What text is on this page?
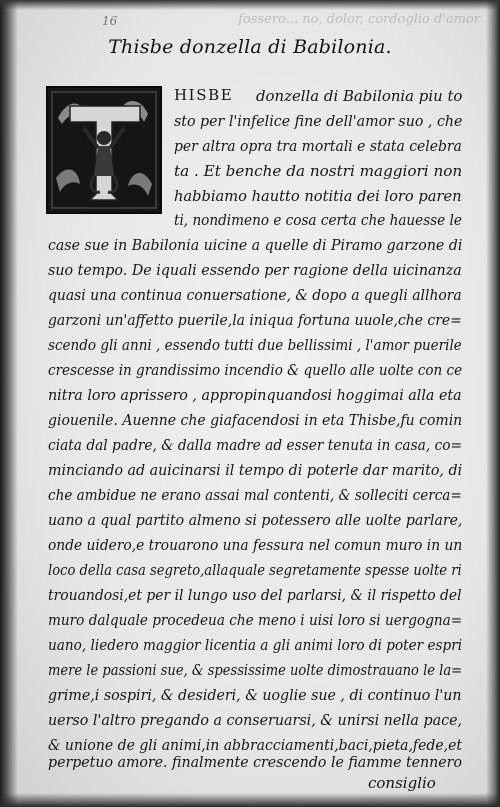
fossero... no, dolor, cordoglio d'amor
16
Thisbe donzella di Babilonia.
HISBE donzella di Babilonia piu to
sto per l'infelice fine dell'amor suo , che
per altra opra tra mortali e stata celebra
ta . Et benche da nostri maggiori non
habbiamo hautto notitia dei loro paren
ti, nondimeno e cosa certa che hauesse le
case sue in Babilonia uicine a quelle di Piramo garzone di
suo tempo. De iquali essendo per ragione della uicinanza
quasi una continua conuersatione, & dopo a quegli allhora
garzoni un'affetto puerile,la iniqua fortuna uuole,che cre=
scendo gli anni , essendo tutti due bellissimi , l'amor puerile
crescesse in grandissimo incendio & quello alle uolte con ce
nitra loro aprissero , appropinquandosi hoggimai alla eta
giouenile. Auenne che giafacendosi in eta Thisbe,fu comin
ciata dal padre, & dalla madre ad esser tenuta in casa, co=
minciando ad auicinarsi il tempo di poterle dar marito, di
che ambidue ne erano assai mal contenti, & solleciti cerca=
uano a qual partito almeno si potessero alle uolte parlare,
onde uidero,e trouarono una fessura nel comun muro in un
loco della casa segreto,allaquale segretamente spesse uolte ri
trouandosi,et per il lungo uso del parlarsi, & il rispetto del
muro dalquale procedeua che meno i uisi loro si uergogna=
uano, liedero maggior licentia a gli animi loro di poter espri
mere le passioni sue, & spessissime uolte dimostrauano le la=
grime,i sospiri, & desideri, & uoglie sue , di continuo l'un
uerso l'altro pregando a conseruarsi, & unirsi nella pace,
& unione de gli animi,in abbracciamenti,baci,pieta,fede,et
perpetuo amore. finalmente crescendo le fiamme tennero
consiglio
